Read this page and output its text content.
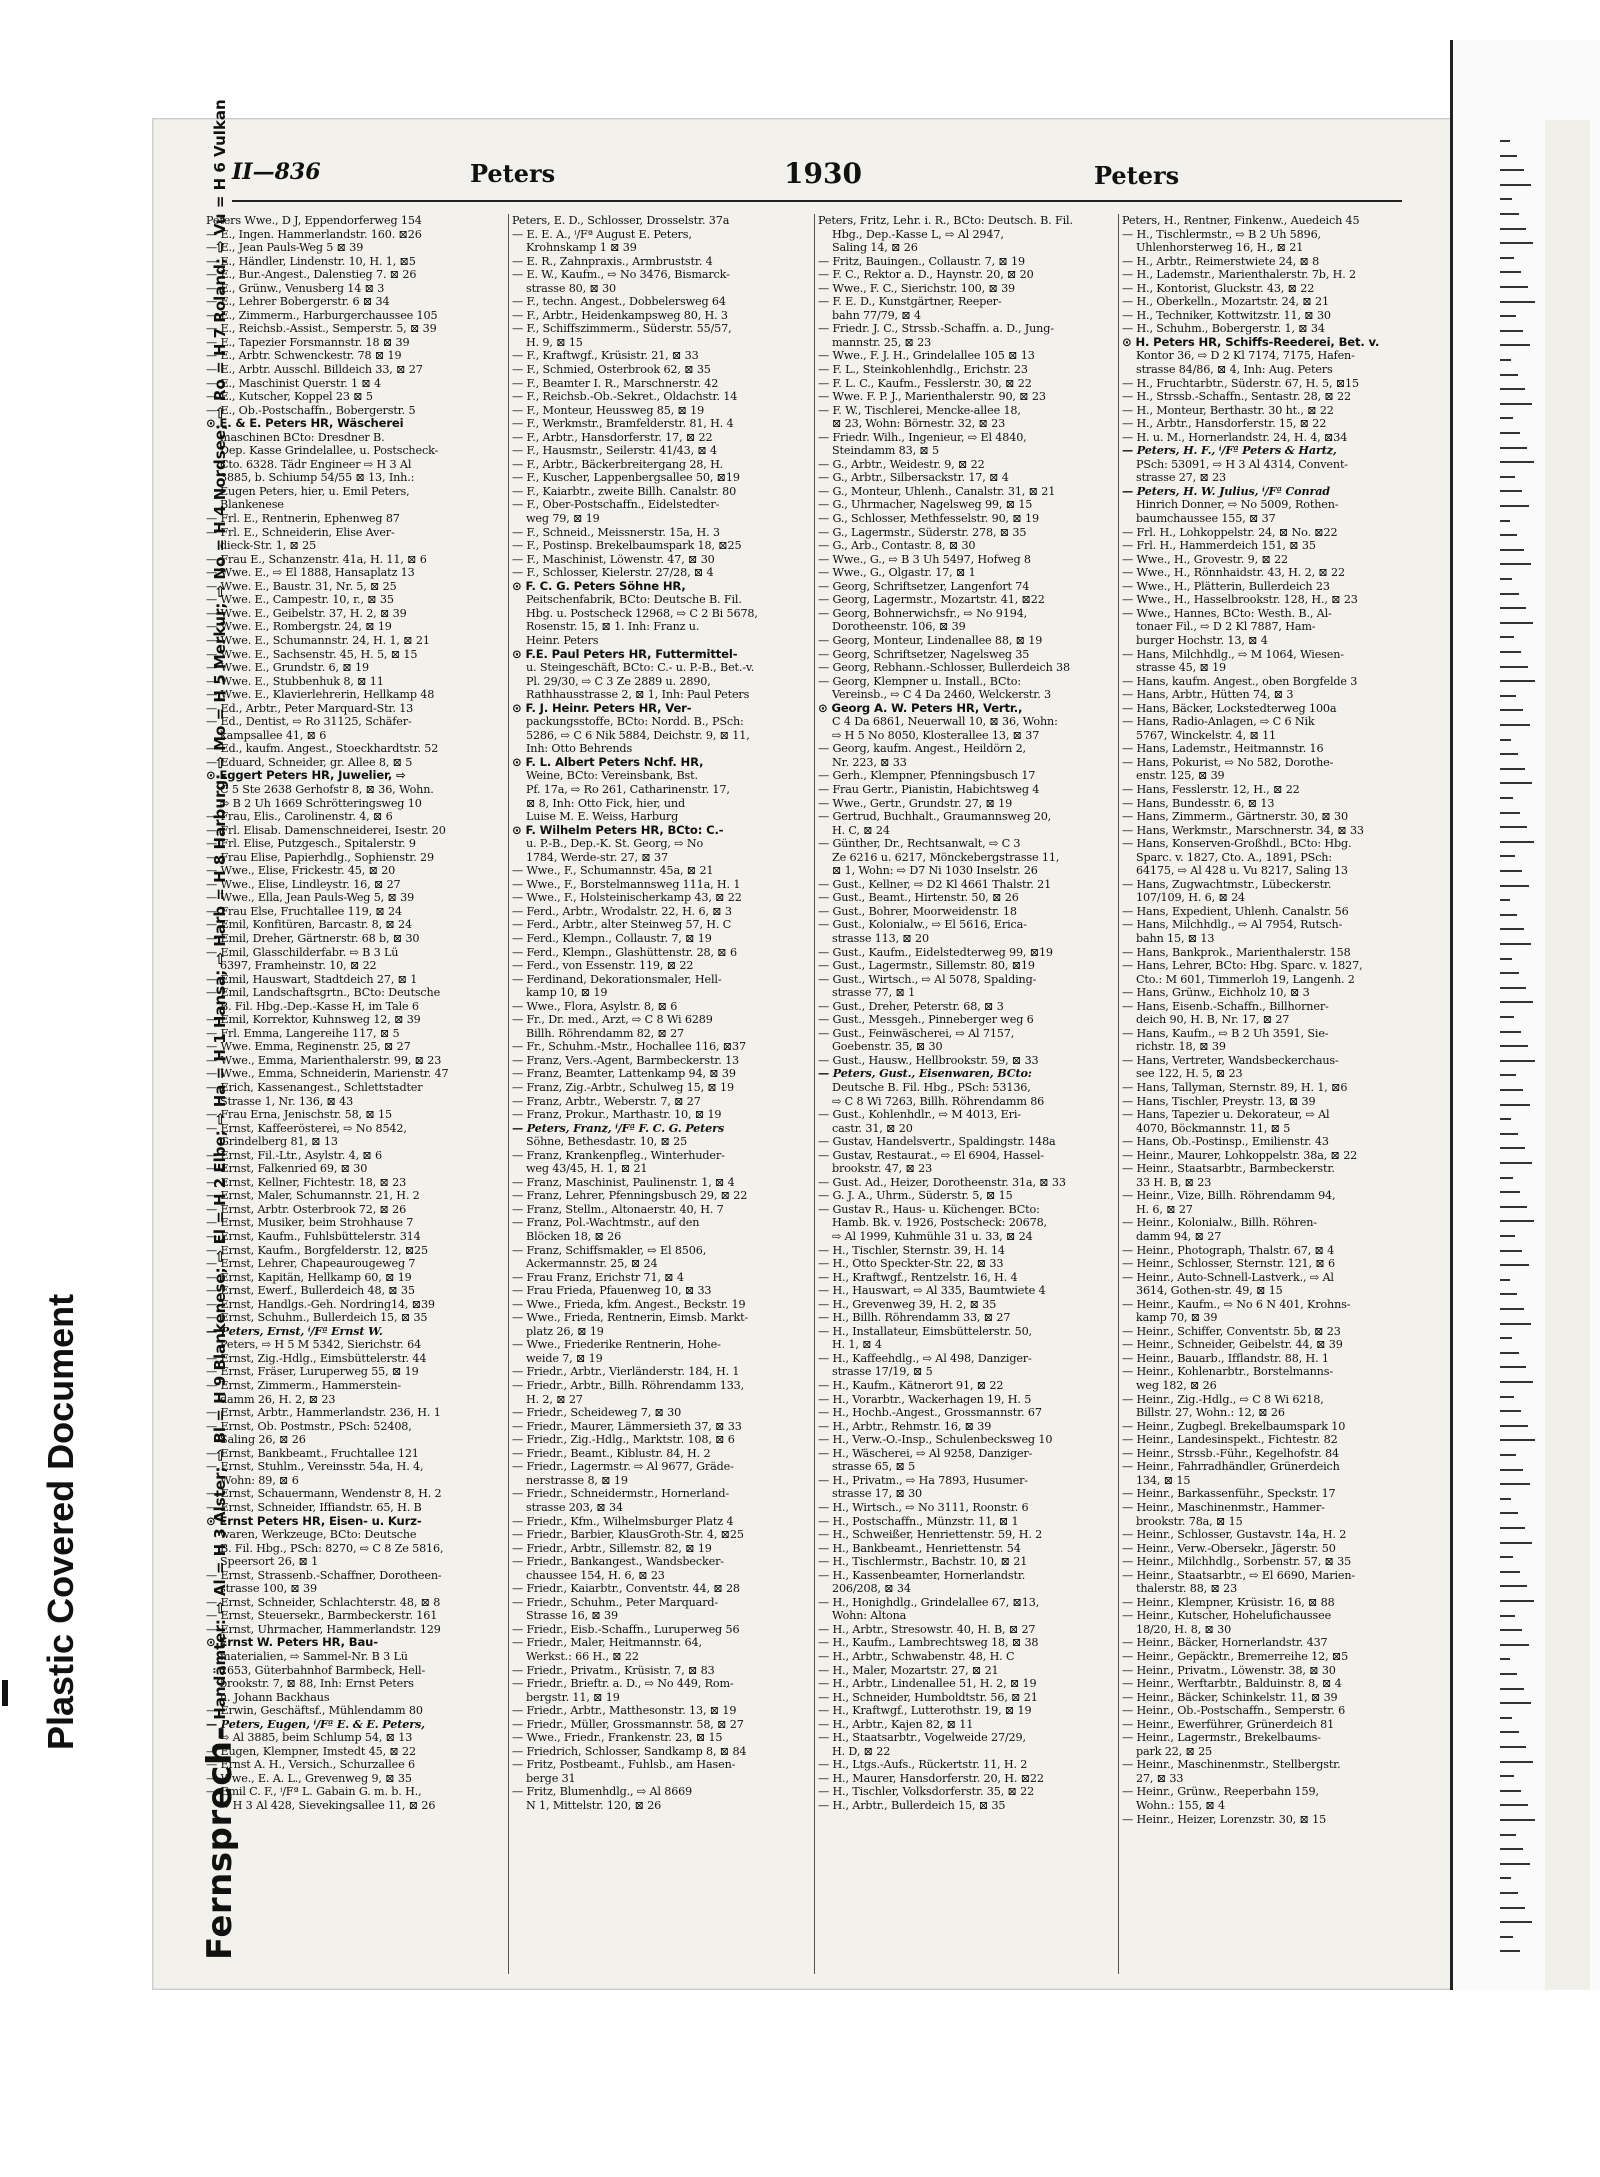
Plastic Covered Document
II—836	Peters	1930	Peters
Fernsprech-Handämter: ⇨ Al = H 3 Alster; ⇨ Bl = H 9 Blankenese; ⇨ El = H 2 Elbe; ⇨ Ha = H 1 Hansa; ⇨ Harb = H 8 Harburg; ⇨ Mo = H 5 Merkur; ⇨ No = H 4 Nordsee; ⇨ Ro = H 7 Roland; ⇨ Vu = H 6 Vulkan
Peters Wwe., D J, Eppendorferweg 154
— E., Ingen. Hammerlandstr. 160. ⊠26
— E., Jean Pauls-Weg 5 ⊠ 39
— E., Händler, Lindenstr. 10, H. 1, ⊠5
— E., Bur.-Angest., Dalenstieg 7. ⊠ 26
— E., Grünw., Venusberg 14 ⊠ 3
— E., Lehrer Bobergerstr. 6 ⊠ 34
— E., Zimmerm., Harburgerchaussee 105
— E., Reichsb.-Assist., Semperstr. 5, ⊠ 39
— E., Tapezier Forsmannstr. 18 ⊠ 39
— E., Arbtr. Schwenckestr. 78 ⊠ 19
— E., Arbtr. Ausschl. Billdeich 33, ⊠ 27
— E., Maschinist Querstr. 1 ⊠ 4
— E., Kutscher, Koppel 23 ⊠ 5
— E., Ob.-Postschaffn., Bobergerstr. 5
⊙ E. & E. Peters HR, Wäscherei
maschinen BCto: Dresdner B.
Dep. Kasse Grindelallee, u. Postscheck-
Cto. 6328. Tädr Engineer ⇨ H 3 Al
3885, b. Schiump 54/55 ⊠ 13, Inh.:
Eugen Peters, hier, u. Emil Peters,
Blankenese
— Frl. E., Rentnerin, Ephenweg 87
— Frl. E., Schneiderin, Elise Aver-
dieck-Str. 1, ⊠ 25
— Frau E., Schanzenstr. 41a, H. 11, ⊠ 6
— Wwe. E., ⇨ El 1888, Hansaplatz 13
— Wwe. E., Baustr. 31, Nr. 5, ⊠ 25
— Wwe. E., Campestr. 10, r., ⊠ 35
— Wwe. E., Geibelstr. 37, H. 2, ⊠ 39
— Wwe. E., Rombergstr. 24, ⊠ 19
— Wwe. E., Schumannstr. 24, H. 1, ⊠ 21
— Wwe. E., Sachsenstr. 45, H. 5, ⊠ 15
— Wwe. E., Grundstr. 6, ⊠ 19
— Wwe. E., Stubbenhuk 8, ⊠ 11
— Wwe. E., Klavierlehrerin, Hellkamp 48
— Ed., Arbtr., Peter Marquard-Str. 13
— Ed., Dentist, ⇨ Ro 31125, Schäfer-
kampsallee 41, ⊠ 6
— Ed., kaufm. Angest., Stoeckhardtstr. 52
— Eduard, Schneider, gr. Allee 8, ⊠ 5
⊙ Eggert Peters HR, Juwelier, ⇨
C 5 Ste 2638 Gerhofstr 8, ⊠ 36, Wohn.
⇨ B 2 Uh 1669 Schrötteringsweg 10
— Frau, Elis., Carolinenstr. 4, ⊠ 6
— Frl. Elisab. Damenschneiderei, Isestr. 20
— Frl. Elise, Putzgesch., Spitalerstr. 9
— Frau Elise, Papierhdlg., Sophienstr. 29
— Wwe., Elise, Frickestr. 45, ⊠ 20
— Wwe., Elise, Lindleystr. 16, ⊠ 27
— Wwe., Ella, Jean Pauls-Weg 5, ⊠ 39
— Frau Else, Fruchtallee 119, ⊠ 24
— Emil, Konfitüren, Barcastr. 8, ⊠ 24
— Emil, Dreher, Gärtnerstr. 68 b, ⊠ 30
— Emil, Glasschilderfabr. ⇨ B 3 Lü
6397, Framheinstr. 10, ⊠ 22
— Emil, Hauswart, Stadtdeich 27, ⊠ 1
— Emil, Landschaftsgrtn., BCto: Deutsche
B. Fil. Hbg.-Dep.-Kasse H, im Tale 6
— Emil, Korrektor, Kuhnsweg 12, ⊠ 39
— Frl. Emma, Langereihe 117, ⊠ 5
— Wwe. Emma, Reginenstr. 25, ⊠ 27
— Wwe., Emma, Marienthalerstr. 99, ⊠ 23
— Wwe., Emma, Schneiderin, Marienstr. 47
— Erich, Kassenangest., Schlettstadter
Strasse 1, Nr. 136, ⊠ 43
— Frau Erna, Jenischstr. 58, ⊠ 15
— Ernst, Kaffeeröstereì, ⇨ No 8542,
Grindelberg 81, ⊠ 13
— Ernst, Fil.-Ltr., Asylstr. 4, ⊠ 6
— Ernst, Falkenried 69, ⊠ 30
— Ernst, Kellner, Fichtestr. 18, ⊠ 23
— Ernst, Maler, Schumannstr. 21, H. 2
— Ernst, Arbtr. Osterbrook 72, ⊠ 26
— Ernst, Musiker, beim Strohhause 7
— Ernst, Kaufm., Fuhlsbüttelerstr. 314
— Ernst, Kaufm., Borgfelderstr. 12, ⊠25
— Ernst, Lehrer, Chapeaurougeweg 7
— Ernst, Kapitän, Hellkamp 60, ⊠ 19
— Ernst, Ewerf., Bullerdeich 48, ⊠ 35
— Ernst, Handlgs.-Geh. Nordring14, ⊠39
— Ernst, Schuhm., Bullerdeich 15, ⊠ 35
— Peters, Ernst, ⁱ/Fª Ernst W.
Peters, ⇨ H 5 M 5342, Sierichstr. 64
— Ernst, Zig.-Hdlg., Eimsbüttelerstr. 44
— Ernst, Fräser, Luruperweg 55, ⊠ 19
— Ernst, Zimmerm., Hammerstein-
damm 26, H. 2, ⊠ 23
— Ernst, Arbtr., Hammerlandstr. 236, H. 1
— Ernst, Ob. Postmstr., PSch: 52408,
Saling 26, ⊠ 26
— Ernst, Bankbeamt., Fruchtallee 121
— Ernst, Stuhlm., Vereinsstr. 54a, H. 4,
Wohn: 89, ⊠ 6
— Ernst, Schauermann, Wendenstr 8, H. 2
— Ernst, Schneider, Iffiandstr. 65, H. B
⊙ Ernst Peters HR, Eisen- u. Kurz-
waren, Werkzeuge, BCto: Deutsche
B. Fil. Hbg., PSch: 8270, ⇨ C 8 Ze 5816,
Speersort 26, ⊠ 1
— Ernst, Strassenb.-Schaffner, Dorotheen-
strasse 100, ⊠ 39
— Ernst, Schneider, Schlachterstr. 48, ⊠ 8
— Ernst, Steuersekr., Barmbeckerstr. 161
— Ernst, Uhrmacher, Hammerlandstr. 129
⊙ Ernst W. Peters HR, Bau-
materialien, ⇨ Sammel-Nr. B 3 Lü
2653, Güterbahnhof Barmbeck, Hell-
brookstr. 7, ⊠ 88, Inh: Ernst Peters
u. Johann Backhaus
— Erwin, Geschäftsf., Mühlendamm 80
— Peters, Eugen, ⁱ/Fª E. & E. Peters,
⇨ Al 3885, beim Schlump 54, ⊠ 13
— Eugen, Klempner, Imstedt 45, ⊠ 22
— Ernst A. H., Versich., Schurzallee 6
— Wwe., E. A. L., Grevenweg 9, ⊠ 35
— Emil C. F., ⁱ/Fª L. Gabain G. m. b. H.,
⇨ H 3 Al 428, Sievekingsallee 11, ⊠ 26
Peters, E. D., Schlosser, Drosselstr. 37a
— E. E. A., ⁱ/Fª August E. Peters,
Krohnskamp 1 ⊠ 39
— E. R., Zahnpraxis., Armbruststr. 4
— E. W., Kaufm., ⇨ No 3476, Bismarck-
strasse 80, ⊠ 30
— F., techn. Angest., Dobbelersweg 64
— F., Arbtr., Heidenkampsweg 80, H. 3
— F., Schiffszimmerm., Süderstr. 55/57,
H. 9, ⊠ 15
— F., Kraftwgf., Krüsistr. 21, ⊠ 33
— F., Schmied, Osterbrook 62, ⊠ 35
— F., Beamter I. R., Marschnerstr. 42
— F., Reichsb.-Ob.-Sekret., Oldachstr. 14
— F., Monteur, Heussweg 85, ⊠ 19
— F., Werkmstr., Bramfelderstr. 81, H. 4
— F., Arbtr., Hansdorferstr. 17, ⊠ 22
— F., Hausmstr., Seilerstr. 41/43, ⊠ 4
— F., Arbtr., Bäckerbreitergang 28, H.
— F., Kuscher, Lappenbergsallee 50, ⊠19
— F., Kaiarbtr., zweite Billh. Canalstr. 80
— F., Ober-Postschaffn., Eidelstedter-
weg 79, ⊠ 19
— F., Schneid., Meissnerstr. 15a, H. 3
— F., Postinsp. Brekelbaumspark 18, ⊠25
— F., Maschinist, Löwenstr. 47, ⊠ 30
— F., Schlosser, Kielerstr. 27/28, ⊠ 4
⊙ F. C. G. Peters Söhne HR,
Peitschenfabrik, BCto: Deutsche B. Fil.
Hbg. u. Postscheck 12968, ⇨ C 2 Bi 5678,
Rosenstr. 15, ⊠ 1. Inh: Franz u.
Heinr. Peters
⊙ F.E. Paul Peters HR, Futtermittel-
u. Steingeschäft, BCto: C.- u. P.-B., Bet.-v.
Pl. 29/30, ⇨ C 3 Ze 2889 u. 2890,
Rathhausstrasse 2, ⊠ 1, Inh: Paul Peters
⊙ F. J. Heinr. Peters HR, Ver-
packungsstoffe, BCto: Nordd. B., PSch:
5286, ⇨ C 6 Nik 5884, Deichstr. 9, ⊠ 11,
Inh: Otto Behrends
⊙ F. L. Albert Peters Nchf. HR,
Weine, BCto: Vereinsbank, Bst.
Pf. 17a, ⇨ Ro 261, Catharinenstr. 17,
⊠ 8, Inh: Otto Fick, hier, und
Luise M. E. Weiss, Harburg
⊙ F. Wilhelm Peters HR, BCto: C.-
u. P.-B., Dep.-K. St. Georg, ⇨ No
1784, Werde-str. 27, ⊠ 37
— Wwe., F., Schumannstr. 45a, ⊠ 21
— Wwe., F., Borstelmannsweg 111a, H. 1
— Wwe., F., Holsteinischerkamp 43, ⊠ 22
— Ferd., Arbtr., Wrodalstr. 22, H. 6, ⊠ 3
— Ferd., Arbtr., alter Steinweg 57, H. C
— Ferd., Klempn., Collaustr. 7, ⊠ 19
— Ferd., Klempn., Glashüttenstr. 28, ⊠ 6
— Ferd., von Essenstr. 119, ⊠ 22
— Ferdinand, Dekorationsmaler, Hell-
kamp 10, ⊠ 19
— Wwe., Flora, Asylstr. 8, ⊠ 6
— Fr., Dr. med., Arzt, ⇨ C 8 Wi 6289
Billh. Röhrendamm 82, ⊠ 27
— Fr., Schuhm.-Mstr., Hochallee 116, ⊠37
— Franz, Vers.-Agent, Barmbeckerstr. 13
— Franz, Beamter, Lattenkamp 94, ⊠ 39
— Franz, Zig.-Arbtr., Schulweg 15, ⊠ 19
— Franz, Arbtr., Weberstr. 7, ⊠ 27
— Franz, Prokur., Marthastr. 10, ⊠ 19
— Peters, Franz, ⁱ/Fª F. C. G. Peters
Söhne, Bethesdastr. 10, ⊠ 25
— Franz, Krankenpfleg., Winterhuder-
weg 43/45, H. 1, ⊠ 21
— Franz, Maschinist, Paulinenstr. 1, ⊠ 4
— Franz, Lehrer, Pfenningsbusch 29, ⊠ 22
— Franz, Stellm., Altonaerstr. 40, H. 7
— Franz, Pol.-Wachtmstr., auf den
Blöcken 18, ⊠ 26
— Franz, Schiffsmakler, ⇨ El 8506,
Ackermannstr. 25, ⊠ 24
— Frau Franz, Erichstr 71, ⊠ 4
— Frau Frieda, Pfauenweg 10, ⊠ 33
— Wwe., Frieda, kfm. Angest., Beckstr. 19
— Wwe., Frieda, Rentnerin, Eimsb. Markt-
platz 26, ⊠ 19
— Wwe., Friederike Rentnerin, Hohe-
weide 7, ⊠ 19
— Friedr., Arbtr., Vierländerstr. 184, H. 1
— Friedr., Arbtr., Billh. Röhrendamm 133,
H. 2, ⊠ 27
— Friedr., Scheideweg 7, ⊠ 30
— Friedr., Maurer, Lämmersieth 37, ⊠ 33
— Friedr., Zig.-Hdlg., Marktstr. 108, ⊠ 6
— Friedr., Beamt., Kiblustr. 84, H. 2
— Friedr., Lagermstr. ⇨ Al 9677, Gräde-
nerstrasse 8, ⊠ 19
— Friedr., Schneidermstr., Hornerland-
strasse 203, ⊠ 34
— Friedr., Kfm., Wilhelmsburger Platz 4
— Friedr., Barbier, KlausGroth-Str. 4, ⊠25
— Friedr., Arbtr., Sillemstr. 82, ⊠ 19
— Friedr., Bankangest., Wandsbecker-
chaussee 154, H. 6, ⊠ 23
— Friedr., Kaiarbtr., Conventstr. 44, ⊠ 28
— Friedr., Schuhm., Peter Marquard-
Strasse 16, ⊠ 39
— Friedr., Eisb.-Schaffn., Luruperweg 56
— Friedr., Maler, Heitmannstr. 64,
Werkst.: 66 H., ⊠ 22
— Friedr., Privatm., Krüsistr. 7, ⊠ 83
— Friedr., Brieftr. a. D., ⇨ No 449, Rom-
bergstr. 11, ⊠ 19
— Friedr., Arbtr., Matthesonstr. 13, ⊠ 19
— Friedr., Müller, Grossmannstr. 58, ⊠ 27
— Wwe., Friedr., Frankenstr. 23, ⊠ 15
— Friedrich, Schlosser, Sandkamp 8, ⊠ 84
— Fritz, Postbeamt., Fuhlsb., am Hasen-
berge 31
— Fritz, Blumenhdlg., ⇨ Al 8669
N 1, Mittelstr. 120, ⊠ 26
Peters, Fritz, Lehr. i. R., BCto: Deutsch. B. Fil.
Hbg., Dep.-Kasse L, ⇨ Al 2947,
Saling 14, ⊠ 26
— Fritz, Bauingen., Collaustr. 7, ⊠ 19
— F. C., Rektor a. D., Haynstr. 20, ⊠ 20
— Wwe., F. C., Sierichstr. 100, ⊠ 39
— F. E. D., Kunstgärtner, Reeper-
bahn 77/79, ⊠ 4
— Friedr. J. C., Strssb.-Schaffn. a. D., Jung-
mannstr. 25, ⊠ 23
— Wwe., F. J. H., Grindelallee 105 ⊠ 13
— F. L., Steinkohlenhdlg., Erichstr. 23
— F. L. C., Kaufm., Fesslerstr. 30, ⊠ 22
— Wwe. F. P. J., Marienthalerstr. 90, ⊠ 23
— F. W., Tischlerei, Mencke-allee 18,
⊠ 23, Wohn: Börnestr. 32, ⊠ 23
— Friedr. Wilh., Ingenieur, ⇨ El 4840,
Steindamm 83, ⊠ 5
— G., Arbtr., Weidestr. 9, ⊠ 22
— G., Arbtr., Silbersackstr. 17, ⊠ 4
— G., Monteur, Uhlenh., Canalstr. 31, ⊠ 21
— G., Uhrmacher, Nagelsweg 99, ⊠ 15
— G., Schlosser, Methfesselstr. 90, ⊠ 19
— G., Lagermstr., Süderstr. 278, ⊠ 35
— G., Arb., Contastr. 8, ⊠ 30
— Wwe., G., ⇨ B 3 Uh 5497, Hofweg 8
— Wwe., G., Olgastr. 17, ⊠ 1
— Georg, Schriftsetzer, Langenfort 74
— Georg, Lagermstr., Mozartstr. 41, ⊠22
— Georg, Bohnerwichsfr., ⇨ No 9194,
Dorotheenstr. 106, ⊠ 39
— Georg, Monteur, Lindenallee 88, ⊠ 19
— Georg, Schriftsetzer, Nagelsweg 35
— Georg, Rebhann.-Schlosser, Bullerdeich 38
— Georg, Klempner u. Install., BCto:
Vereinsb., ⇨ C 4 Da 2460, Welckerstr. 3
⊙ Georg A. W. Peters HR, Vertr.,
C 4 Da 6861, Neuerwall 10, ⊠ 36, Wohn:
⇨ H 5 No 8050, Klosterallee 13, ⊠ 37
— Georg, kaufm. Angest., Heildörn 2,
Nr. 223, ⊠ 33
— Gerh., Klempner, Pfenningsbusch 17
— Frau Gertr., Pianistin, Habichtsweg 4
— Wwe., Gertr., Grundstr. 27, ⊠ 19
— Gertrud, Buchhalt., Graumannsweg 20,
H. C, ⊠ 24
— Günther, Dr., Rechtsanwalt, ⇨ C 3
Ze 6216 u. 6217, Mönckebergstrasse 11,
⊠ 1, Wohn: ⇨ D7 Ni 1030 Inselstr. 26
— Gust., Kellner, ⇨ D2 Kl 4661 Thalstr. 21
— Gust., Beamt., Hirtenstr. 50, ⊠ 26
— Gust., Bohrer, Moorweidenstr. 18
— Gust., Kolonialw., ⇨ El 5616, Erica-
strasse 113, ⊠ 20
— Gust., Kaufm., Eidelstedterweg 99, ⊠19
— Gust., Lagermstr., Sillemstr. 80, ⊠19
— Gust., Wirtsch., ⇨ Al 5078, Spalding-
strasse 77, ⊠ 1
— Gust., Dreher, Peterstr. 68, ⊠ 3
— Gust., Messgeh., Pinneberger weg 6
— Gust., Feinwäscherei, ⇨ Al 7157,
Goebenstr. 35, ⊠ 30
— Gust., Hausw., Hellbrookstr. 59, ⊠ 33
— Peters, Gust., Eisenwaren, BCto:
Deutsche B. Fil. Hbg., PSch: 53136,
⇨ C 8 Wi 7263, Billh. Röhrendamm 86
— Gust., Kohlenhdlr., ⇨ M 4013, Eri-
castr. 31, ⊠ 20
— Gustav, Handelsvertr., Spaldingstr. 148a
— Gustav, Restaurat., ⇨ El 6904, Hassel-
brookstr. 47, ⊠ 23
— Gust. Ad., Heizer, Dorotheenstr. 31a, ⊠ 33
— G. J. A., Uhrm., Süderstr. 5, ⊠ 15
— Gustav R., Haus- u. Küchenger. BCto:
Hamb. Bk. v. 1926, Postscheck: 20678,
⇨ Al 1999, Kuhmühle 31 u. 33, ⊠ 24
— H., Tischler, Sternstr. 39, H. 14
— H., Otto Speckter-Str. 22, ⊠ 33
— H., Kraftwgf., Rentzelstr. 16, H. 4
— H., Hauswart, ⇨ Al 335, Baumtwiete 4
— H., Grevenweg 39, H. 2, ⊠ 35
— H., Billh. Röhrendamm 33, ⊠ 27
— H., Installateur, Eimsbüttelerstr. 50,
H. 1, ⊠ 4
— H., Kaffeehdlg., ⇨ Al 498, Danziger-
strasse 17/19, ⊠ 5
— H., Kaufm., Kätnerort 91, ⊠ 22
— H., Vorarbtr., Wackerhagen 19, H. 5
— H., Hochb.-Angest., Grossmannstr. 67
— H., Arbtr., Rehmstr. 16, ⊠ 39
— H., Verw.-O.-Insp., Schulenbecksweg 10
— H., Wäscherei, ⇨ Al 9258, Danziger-
strasse 65, ⊠ 5
— H., Privatm., ⇨ Ha 7893, Husumer-
strasse 17, ⊠ 30
— H., Wirtsch., ⇨ No 3111, Roonstr. 6
— H., Postschaffn., Münzstr. 11, ⊠ 1
— H., Schweißer, Henriettenstr. 59, H. 2
— H., Bankbeamt., Henriettenstr. 54
— H., Tischlermstr., Bachstr. 10, ⊠ 21
— H., Kassenbeamter, Hornerlandstr.
206/208, ⊠ 34
— H., Honighdlg., Grindelallee 67, ⊠13,
Wohn: Altona
— H., Arbtr., Stresowstr. 40, H. B, ⊠ 27
— H., Kaufm., Lambrechtsweg 18, ⊠ 38
— H., Arbtr., Schwabenstr. 48, H. C
— H., Maler, Mozartstr. 27, ⊠ 21
— H., Arbtr., Lindenallee 51, H. 2, ⊠ 19
— H., Schneider, Humboldtstr. 56, ⊠ 21
— H., Kraftwgf., Lutterothstr. 19, ⊠ 19
— H., Arbtr., Kajen 82, ⊠ 11
— H., Staatsarbtr., Vogelweide 27/29,
H. D, ⊠ 22
— H., Ltgs.-Aufs., Rückertstr. 11, H. 2
— H., Maurer, Hansdorferstr. 20, H. ⊠22
— H., Tischler, Volksdorferstr. 35, ⊠ 22
— H., Arbtr., Bullerdeich 15, ⊠ 35
Peters, H., Rentner, Finkenw., Auedeich 45
— H., Tischlermstr., ⇨ B 2 Uh 5896,
Uhlenhorsterweg 16, H., ⊠ 21
— H., Arbtr., Reimerstwiete 24, ⊠ 8
— H., Lademstr., Marienthalerstr. 7b, H. 2
— H., Kontorist, Gluckstr. 43, ⊠ 22
— H., Oberkelln., Mozartstr. 24, ⊠ 21
— H., Techniker, Kottwitzstr. 11, ⊠ 30
— H., Schuhm., Bobergerstr. 1, ⊠ 34
⊙ H. Peters HR, Schiffs-Reederei, Bet. v.
Kontor 36, ⇨ D 2 Kl 7174, 7175, Hafen-
strasse 84/86, ⊠ 4, Inh: Aug. Peters
— H., Fruchtarbtr., Süderstr. 67, H. 5, ⊠15
— H., Strssb.-Schaffn., Sentastr. 28, ⊠ 22
— H., Monteur, Berthastr. 30 ht., ⊠ 22
— H., Arbtr., Hansdorferstr. 15, ⊠ 22
— H. u. M., Hornerlandstr. 24, H. 4, ⊠34
— Peters, H. F., ⁱ/Fª Peters & Hartz,
PSch: 53091, ⇨ H 3 Al 4314, Convent-
strasse 27, ⊠ 23
— Peters, H. W. Julius, ⁱ/Fª Conrad
Hinrich Donner, ⇨ No 5009, Rothen-
baumchaussee 155, ⊠ 37
— Frl. H., Lohkoppelstr. 24, ⊠ No. ⊠22
— Frl. H., Hammerdeich 151, ⊠ 35
— Wwe., H., Grovestr. 9, ⊠ 22
— Wwe., H., Rönnhaidstr. 43, H. 2, ⊠ 22
— Wwe., H., Plätterin, Bullerdeich 23
— Wwe., H., Hasselbrookstr. 128, H., ⊠ 23
— Wwe., Hannes, BCto: Westh. B., Al-
tonaer Fil., ⇨ D 2 Kl 7887, Ham-
burger Hochstr. 13, ⊠ 4
— Hans, Milchhdlg., ⇨ M 1064, Wiesen-
strasse 45, ⊠ 19
— Hans, kaufm. Angest., oben Borgfelde 3
— Hans, Arbtr., Hütten 74, ⊠ 3
— Hans, Bäcker, Lockstedterweg 100a
— Hans, Radio-Anlagen, ⇨ C 6 Nik
5767, Winckelstr. 4, ⊠ 11
— Hans, Lademstr., Heitmannstr. 16
— Hans, Pokurist, ⇨ No 582, Dorothe-
enstr. 125, ⊠ 39
— Hans, Fesslerstr. 12, H., ⊠ 22
— Hans, Bundesstr. 6, ⊠ 13
— Hans, Zimmerm., Gärtnerstr. 30, ⊠ 30
— Hans, Werkmstr., Marschnerstr. 34, ⊠ 33
— Hans, Konserven-Großhdl., BCto: Hbg.
Sparc. v. 1827, Cto. A., 1891, PSch:
64175, ⇨ Al 428 u. Vu 8217, Saling 13
— Hans, Zugwachtmstr., Lübeckerstr.
107/109, H. 6, ⊠ 24
— Hans, Expedient, Uhlenh. Canalstr. 56
— Hans, Milchhdlg., ⇨ Al 7954, Rutsch-
bahn 15, ⊠ 13
— Hans, Bankprok., Marienthalerstr. 158
— Hans, Lehrer, BCto: Hbg. Sparc. v. 1827,
Cto.: M 601, Timmerloh 19, Langenh. 2
— Hans, Grünw., Eichholz 10, ⊠ 3
— Hans, Eisenb.-Schaffn., Billhorner-
deich 90, H. B, Nr. 17, ⊠ 27
— Hans, Kaufm., ⇨ B 2 Uh 3591, Sie-
richstr. 18, ⊠ 39
— Hans, Vertreter, Wandsbeckerchaus-
see 122, H. 5, ⊠ 23
— Hans, Tallyman, Sternstr. 89, H. 1, ⊠6
— Hans, Tischler, Preystr. 13, ⊠ 39
— Hans, Tapezier u. Dekorateur, ⇨ Al
4070, Böckmannstr. 11, ⊠ 5
— Hans, Ob.-Postinsp., Emilienstr. 43
— Heinr., Maurer, Lohkoppelstr. 38a, ⊠ 22
— Heinr., Staatsarbtr., Barmbeckerstr.
33 H. B, ⊠ 23
— Heinr., Vize, Billh. Röhrendamm 94,
H. 6, ⊠ 27
— Heinr., Kolonialw., Billh. Röhren-
damm 94, ⊠ 27
— Heinr., Photograph, Thalstr. 67, ⊠ 4
— Heinr., Schlosser, Sternstr. 121, ⊠ 6
— Heinr., Auto-Schnell-Lastverk., ⇨ Al
3614, Gothen-str. 49, ⊠ 15
— Heinr., Kaufm., ⇨ No 6 N 401, Krohns-
kamp 70, ⊠ 39
— Heinr., Schiffer, Conventstr. 5b, ⊠ 23
— Heinr., Schneider, Geibelstr. 44, ⊠ 39
— Heinr., Bauarb., Ifflandstr. 88, H. 1
— Heinr., Kohlenarbtr., Borstelmanns-
weg 182, ⊠ 26
— Heinr., Zig.-Hdlg., ⇨ C 8 Wi 6218,
Billstr. 27, Wohn.: 12, ⊠ 26
— Heinr., Zugbegl. Brekelbaumspark 10
— Heinr., Landesinspekt., Fichtestr. 82
— Heinr., Strssb.-Führ., Kegelhofstr. 84
— Heinr., Fahrradhändler, Grünerdeich
134, ⊠ 15
— Heinr., Barkassenführ., Speckstr. 17
— Heinr., Maschinenmstr., Hammer-
brookstr. 78a, ⊠ 15
— Heinr., Schlosser, Gustavstr. 14a, H. 2
— Heinr., Verw.-Obersekr., Jägerstr. 50
— Heinr., Milchhdlg., Sorbenstr. 57, ⊠ 35
— Heinr., Staatsarbtr., ⇨ El 6690, Marien-
thalerstr. 88, ⊠ 23
— Heinr., Klempner, Krüsistr. 16, ⊠ 88
— Heinr., Kutscher, Hohelufichaussee
18/20, H. 8, ⊠ 30
— Heinr., Bäcker, Hornerlandstr. 437
— Heinr., Gepäcktr., Bremerreihe 12, ⊠5
— Heinr., Privatm., Löwenstr. 38, ⊠ 30
— Heinr., Werftarbtr., Balduinstr. 8, ⊠ 4
— Heinr., Bäcker, Schinkelstr. 11, ⊠ 39
— Heinr., Ob.-Postschaffn., Semperstr. 6
— Heinr., Ewerführer, Grünerdeich 81
— Heinr., Lagermstr., Brekelbaums-
park 22, ⊠ 25
— Heinr., Maschinenmstr., Stellbergstr.
27, ⊠ 33
— Heinr., Grünw., Reeperbahn 159,
Wohn.: 155, ⊠ 4
— Heinr., Heizer, Lorenzstr. 30, ⊠ 15
